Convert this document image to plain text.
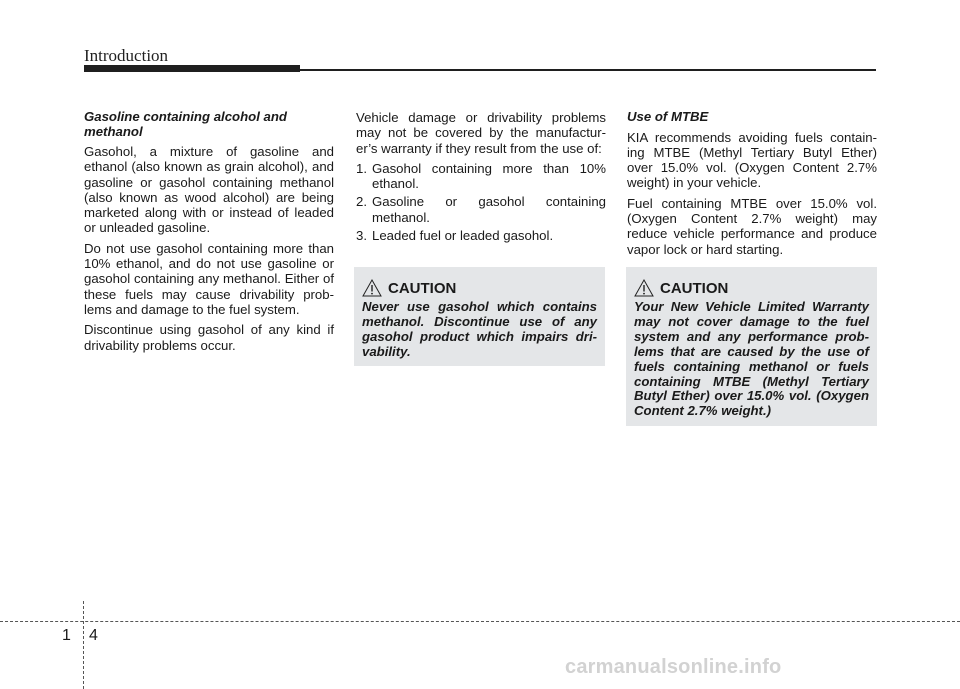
Introduction
Gasoline containing alcohol and methanol

Gasohol, a mixture of gasoline and ethanol (also known as grain alcohol), and gasoline or gasohol containing methanol (also known as wood alcohol) are being marketed along with or instead of leaded or unleaded gasoline.

Do not use gasohol containing more than 10% ethanol, and do not use gasoline or gasohol containing any methanol. Either of these fuels may cause drivability prob-lems and damage to the fuel system.

Discontinue using gasohol of any kind if drivability problems occur.

Vehicle damage or drivability problems may not be covered by the manufactur-er’s warranty if they result from the use of:

1. Gasohol containing more than 10% ethanol.
2. Gasoline or gasohol containing methanol.
3. Leaded fuel or leaded gasohol.
CAUTION
Never use gasohol which contains methanol. Discontinue use of any gasohol product which impairs dri-vability.
Use of MTBE

KIA recommends avoiding fuels contain-ing MTBE (Methyl Tertiary Butyl Ether) over 15.0% vol. (Oxygen Content 2.7% weight) in your vehicle.

Fuel containing MTBE over 15.0% vol. (Oxygen Content 2.7% weight) may reduce vehicle performance and produce vapor lock or hard starting.

CAUTION
Your New Vehicle Limited Warranty may not cover damage to the fuel system and any performance prob-lems that are caused by the use of fuels containing methanol or fuels containing MTBE (Methyl Tertiary Butyl Ether) over 15.0% vol. (Oxygen Content 2.7% weight.)
1 4
carmanualsonline.info
